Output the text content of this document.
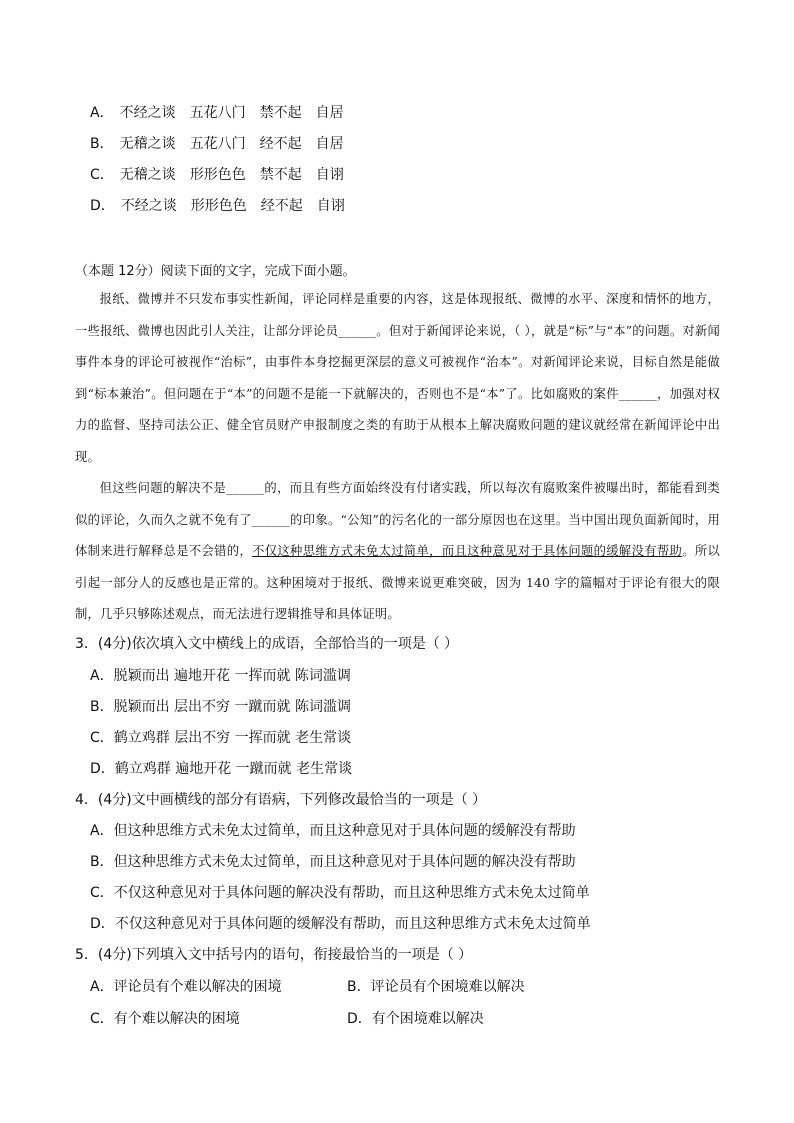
A． 不经之谈 五花八门 禁不起 自居
B． 无稽之谈 五花八门 经不起 自居
C． 无稽之谈 形形色色 禁不起 自诩
D． 不经之谈 形形色色 经不起 自诩
（本题 12分）阅读下面的文字，完成下面小题。

报纸、微博并不只发布事实性新闻，评论同样是重要的内容，这是体现报纸、微博的水平、深度和情怀的地方，一些报纸、微博也因此引人关注，让部分评论员______。但对于新闻评论来说，（ ），就是“标”与“本”的问题。对新闻事件本身的评论可被视作“治标”，由事件本身挖掘更深层的意义可被视作“治本”。对新闻评论来说，目标自然是能做到“标本兼治”。但问题在于“本”的问题不是能一下就解决的，否则也不是“本”了。比如腐败的案件______，加强对权力的监督、坚持司法公正、健全官员财产申报制度之类的有助于从根本上解决腐败问题的建议就经常在新闻评论中出现。

但这些问题的解决不是______的，而且有些方面始终没有付诸实践，所以每次有腐败案件被曝出时，都能看到类似的评论，久而久之就不免有了______的印象。“公知”的污名化的一部分原因也在这里。当中国出现负面新闻时，用体制来进行解释总是不会错的，不仅这种思维方式未免太过简单，而且这种意见对于具体问题的缓解没有帮助。所以引起一部分人的反感也是正常的。这种困境对于报纸、微博来说更难突破，因为 140 字的篇幅对于评论有很大的限制，几乎只够陈述观点，而无法进行逻辑推导和具体证明。

3．(4分)依次填入文中横线上的成语，全部恰当的一项是（ ）
A．脱颖而出 遍地开花 一挥而就 陈词滥调
B．脱颖而出 层出不穷 一蹴而就 陈词滥调
C．鹤立鸡群 层出不穷 一挥而就 老生常谈
D．鹤立鸡群 遍地开花 一蹴而就 老生常谈
4．(4分)文中画横线的部分有语病，下列修改最恰当的一项是（ ）
A．但这种思维方式未免太过简单，而且这种意见对于具体问题的缓解没有帮助
B．但这种思维方式未免太过简单，而且这种意见对于具体问题的解决没有帮助
C．不仅这种意见对于具体问题的解决没有帮助，而且这种思维方式未免太过简单
D．不仅这种意见对于具体问题的缓解没有帮助，而且这种思维方式未免太过简单
5．(4分)下列填入文中括号内的语句，衔接最恰当的一项是（ ）
A．评论员有个难以解决的困境	B．评论员有个困境难以解决
C．有个难以解决的困境	D．有个困境难以解决
